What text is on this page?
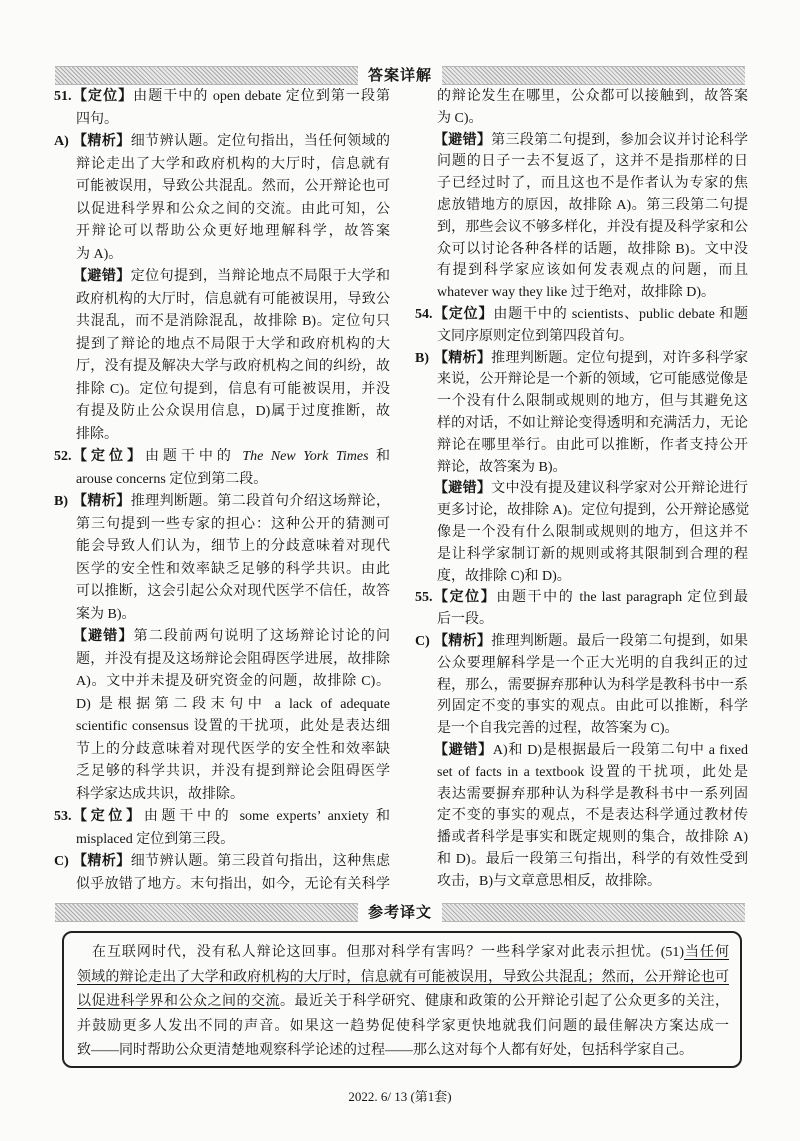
答案详解
51. 【定位】由题干中的 open debate 定位到第一段第
四句。
A) 【精析】细节辨认题。定位句指出，当任何领域的
辩论走出了大学和政府机构的大厅时，信息就有
可能被误用，导致公共混乱。然而，公开辩论也可
以促进科学界和公众之间的交流。由此可知，公
开辩论可以帮助公众更好地理解科学，故答案
为 A)。
【避错】定位句提到，当辩论地点不局限于大学和
政府机构的大厅时，信息就有可能被误用，导致公
共混乱，而不是消除混乱，故排除 B)。定位句只
提到了辩论的地点不局限于大学和政府机构的大
厅，没有提及解决大学与政府机构之间的纠纷，故
排除 C)。定位句提到，信息有可能被误用，并没
有提及防止公众误用信息，D)属于过度推断，故
排除。
52. 【定位】由题干中的 The New York Times 和
arouse concerns 定位到第二段。
B) 【精析】推理判断题。第二段首句介绍这场辩论，
第三句提到一些专家的担心：这种公开的猜测可
能会导致人们认为，细节上的分歧意味着对现代
医学的安全性和效率缺乏足够的科学共识。由此
可以推断，这会引起公众对现代医学不信任，故答
案为 B)。
【避错】第二段前两句说明了这场辩论讨论的问
题，并没有提及这场辩论会阻碍医学进展，故排除
A)。文中并未提及研究资金的问题，故排除 C)。
D) 是根据第二段末句中 a lack of adequate
scientific consensus 设置的干扰项，此处是表达细
节上的分歧意味着对现代医学的安全性和效率缺
乏足够的科学共识，并没有提到辩论会阻碍医学
科学家达成共识，故排除。
53. 【定位】由题干中的 some experts’ anxiety 和
misplaced 定位到第三段。
C) 【精析】细节辨认题。第三段首句指出，这种焦虑
似乎放错了地方。末句指出，如今，无论有关科学
的辩论发生在哪里，公众都可以接触到，故答案
为 C)。
【避错】第三段第二句提到，参加会议并讨论科学
问题的日子一去不复返了，这并不是指那样的日
子已经过时了，而且这也不是作者认为专家的焦
虑放错地方的原因，故排除 A)。第三段第二句提
到，那些会议不够多样化，并没有提及科学家和公
众可以讨论各种各样的话题，故排除 B)。文中没
有提到科学家应该如何发表观点的问题，而且
whatever way they like 过于绝对，故排除 D)。
54. 【定位】由题干中的 scientists、public debate 和题
文同序原则定位到第四段首句。
B) 【精析】推理判断题。定位句提到，对许多科学家
来说，公开辩论是一个新的领域，它可能感觉像是
一个没有什么限制或规则的地方，但与其避免这
样的对话，不如让辩论变得透明和充满活力，无论
辩论在哪里举行。由此可以推断，作者支持公开
辩论，故答案为 B)。
【避错】文中没有提及建议科学家对公开辩论进行
更多讨论，故排除 A)。定位句提到，公开辩论感觉
像是一个没有什么限制或规则的地方，但这并不
是让科学家制订新的规则或将其限制到合理的程
度，故排除 C)和 D)。
55. 【定位】由题干中的 the last paragraph 定位到最
后一段。
C) 【精析】推理判断题。最后一段第二句提到，如果
公众要理解科学是一个正大光明的自我纠正的过
程，那么，需要摒弃那种认为科学是教科书中一系
列固定不变的事实的观点。由此可以推断，科学
是一个自我完善的过程，故答案为 C)。
【避错】A)和 D)是根据最后一段第二句中 a fixed
set of facts in a textbook 设置的干扰项，此处是
表达需要摒弃那种认为科学是教科书中一系列固
定不变的事实的观点，不是表达科学通过教材传
播或者科学是事实和既定规则的集合，故排除 A)
和 D)。最后一段第三句指出，科学的有效性受到
攻击，B)与文章意思相反，故排除。
参考译文
在互联网时代，没有私人辩论这回事。但那对科学有害吗？一些科学家对此表示担忧。(51)当任何
领域的辩论走出了大学和政府机构的大厅时，信息就有可能被误用，导致公共混乱；然而，公开辩论也可
以促进科学界和公众之间的交流。最近关于科学研究、健康和政策的公开辩论引起了公众更多的关注，
并鼓励更多人发出不同的声音。如果这一趋势促使科学家更快地就我们问题的最佳解决方案达成一
致——同时帮助公众更清楚地观察科学论述的过程——那么这对每个人都有好处，包括科学家自己。
2022. 6/ 13 (第1套)
